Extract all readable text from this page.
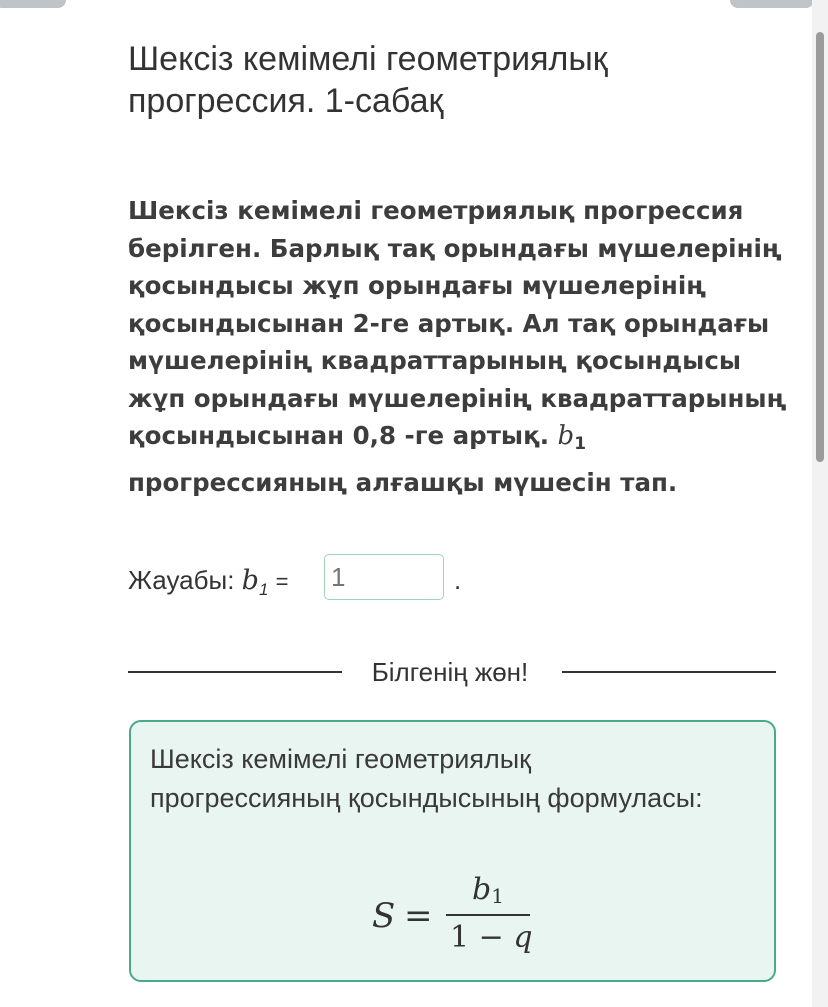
Шексіз кемімелі геометриялық прогрессия. 1-сабақ

Шексіз кемімелі геометриялық прогрессия берілген. Барлық тақ орындағы мүшелерінің қосындысы жұп орындағы мүшелерінің қосындысынан 2-ге артық. Ал тақ орындағы мүшелерінің квадраттарының қосындысы жұп орындағы мүшелерінің квадраттарының қосындысынан 0,8 -ге артық. b1
прогрессияның алғашқы мүшесін тап.

Жауабы: $b_1$ =
1	.
Білгенің жөн!

Шексіз кемімелі геометриялық прогрессияның қосындысының формуласы:

S =
b1
1 − q
